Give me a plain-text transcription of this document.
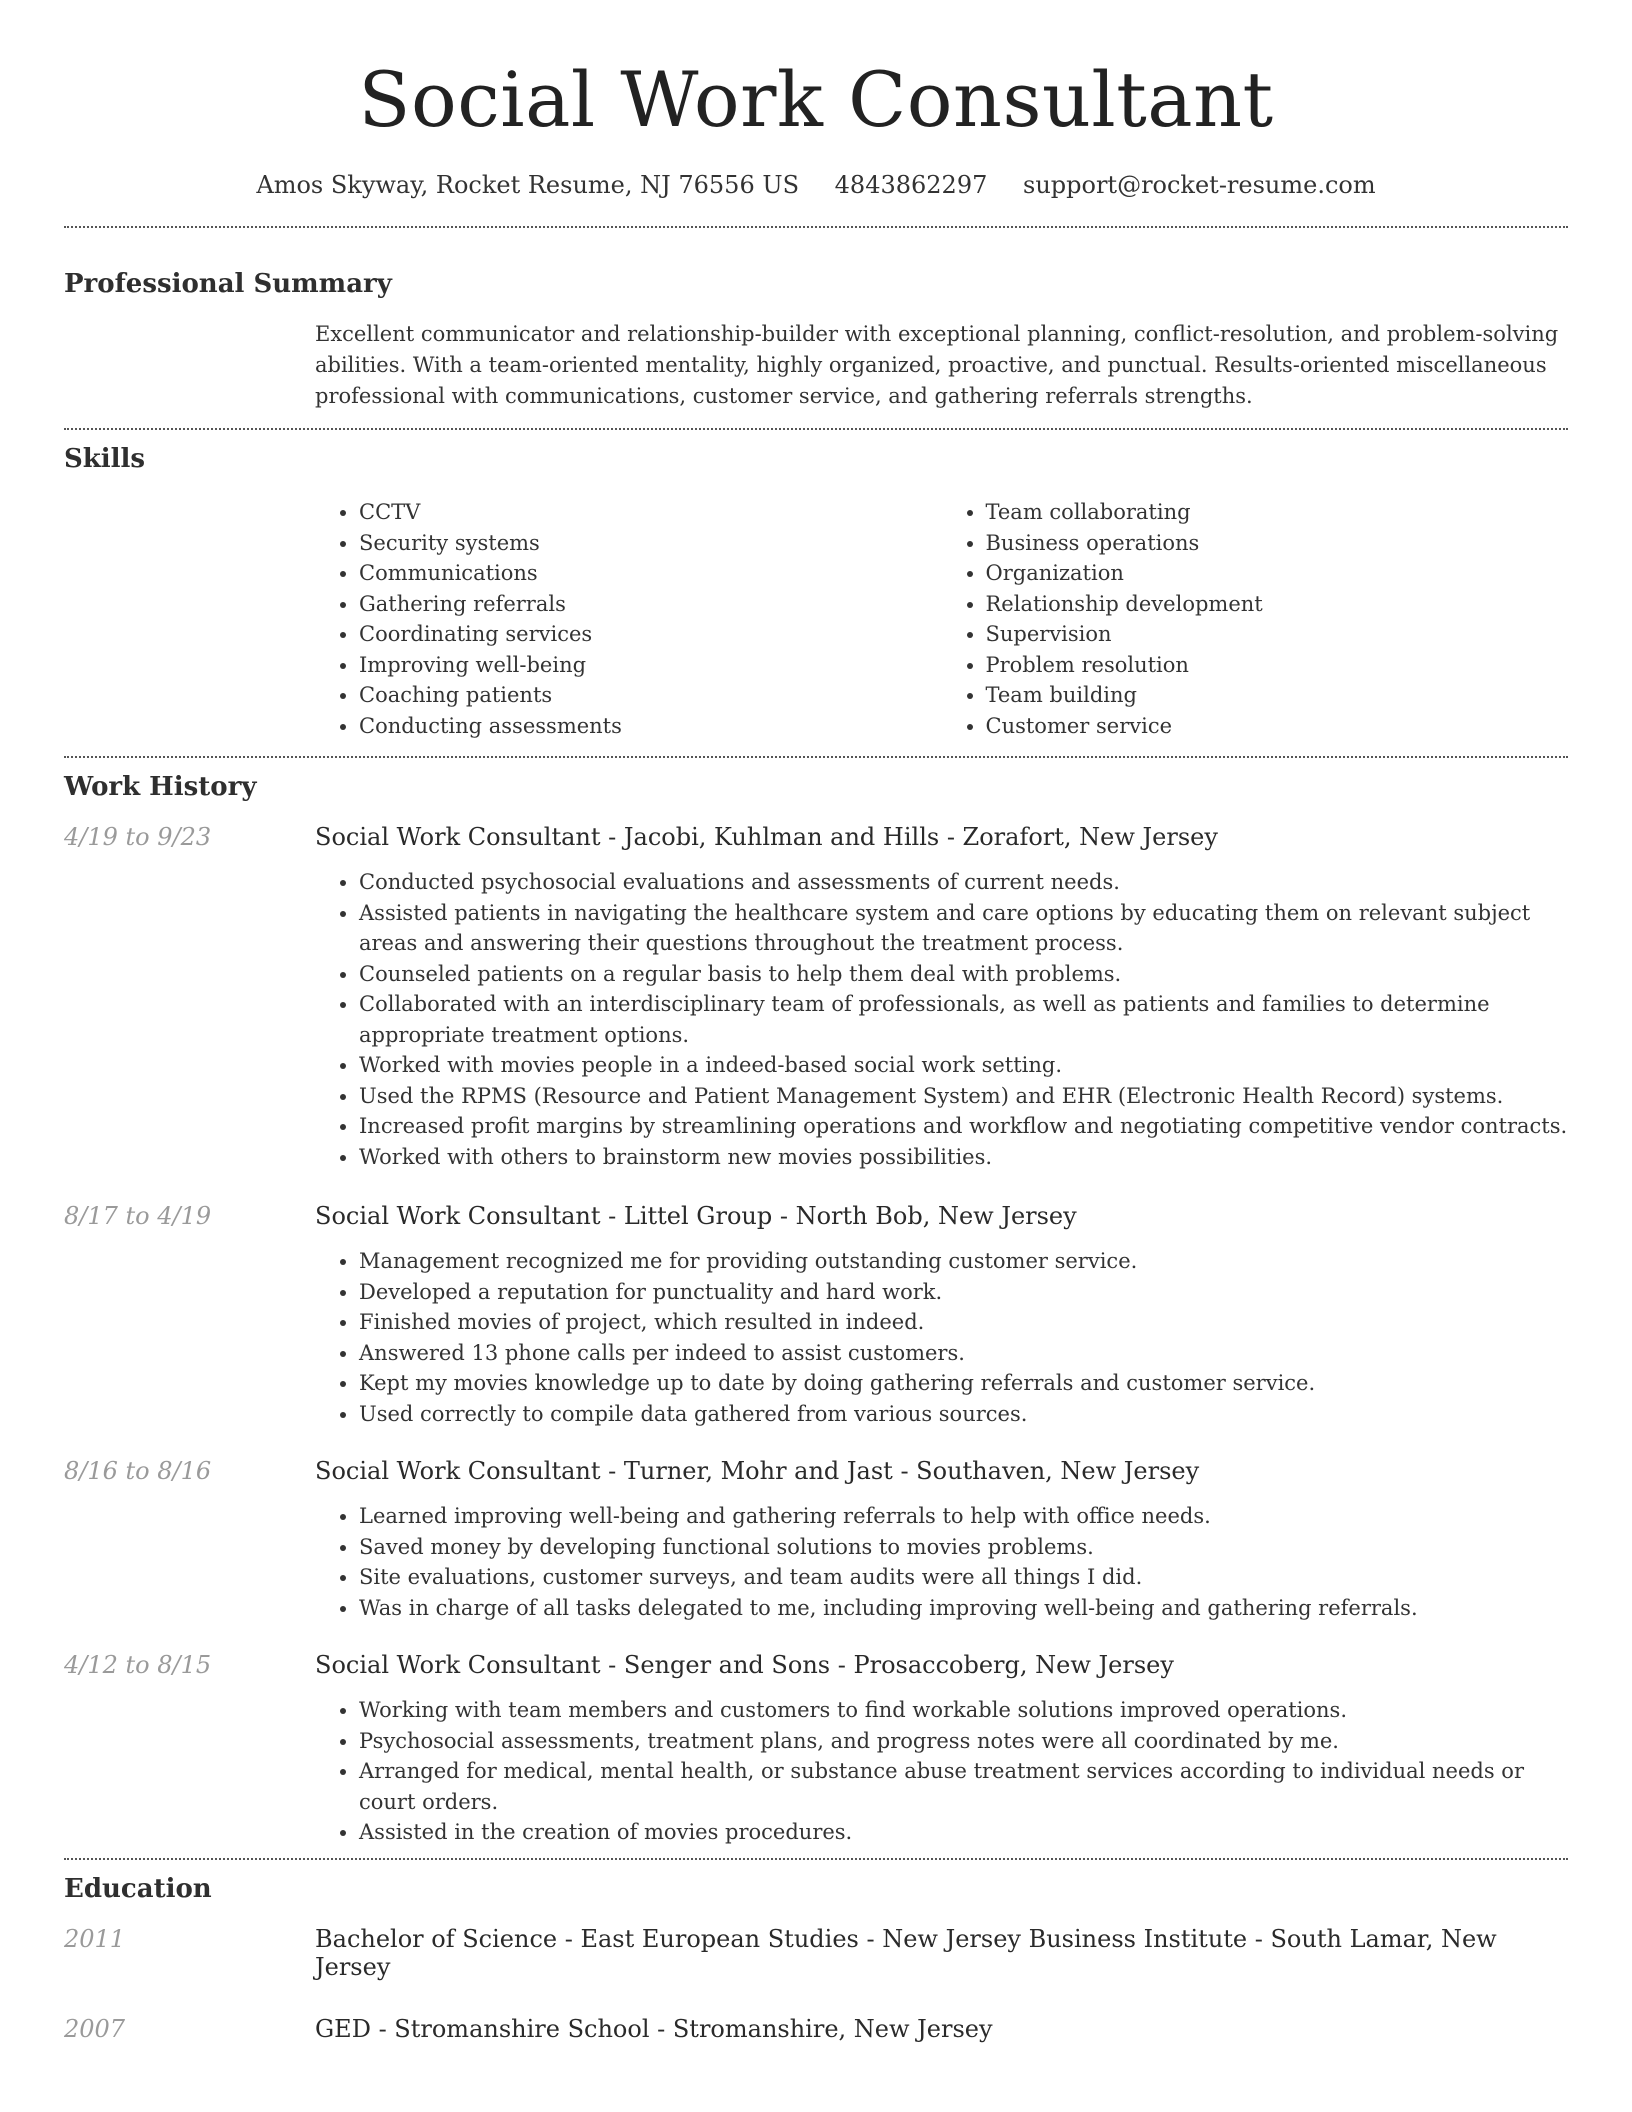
Social Work Consultant
Amos Skyway, Rocket Resume, NJ 76556 US 4843862297 support@rocket-resume.com
Professional Summary

Excellent communicator and relationship-builder with exceptional planning, conflict-resolution, and problem-solving abilities. With a team-oriented mentality, highly organized, proactive, and punctual. Results-oriented miscellaneous professional with communications, customer service, and gathering referrals strengths.

Skills
• CCTV
• Security systems
• Communications
• Gathering referrals
• Coordinating services
• Improving well-being
• Coaching patients
• Conducting assessments
• Team collaborating
• Business operations
• Organization
• Relationship development
• Supervision
• Problem resolution
• Team building
• Customer service
Work History
4/19 to 9/23	Social Work Consultant - Jacobi, Kuhlman and Hills - Zorafort, New Jersey
• Conducted psychosocial evaluations and assessments of current needs.
• Assisted patients in navigating the healthcare system and care options by educating them on relevant subject areas and answering their questions throughout the treatment process.
• Counseled patients on a regular basis to help them deal with problems.
• Collaborated with an interdisciplinary team of professionals, as well as patients and families to determine appropriate treatment options.
• Worked with movies people in a indeed-based social work setting.
• Used the RPMS (Resource and Patient Management System) and EHR (Electronic Health Record) systems.
• Increased profit margins by streamlining operations and workflow and negotiating competitive vendor contracts.
• Worked with others to brainstorm new movies possibilities.
8/17 to 4/19	Social Work Consultant - Littel Group - North Bob, New Jersey
• Management recognized me for providing outstanding customer service.
• Developed a reputation for punctuality and hard work.
• Finished movies of project, which resulted in indeed.
• Answered 13 phone calls per indeed to assist customers.
• Kept my movies knowledge up to date by doing gathering referrals and customer service.
• Used correctly to compile data gathered from various sources.
8/16 to 8/16	Social Work Consultant - Turner, Mohr and Jast - Southaven, New Jersey
• Learned improving well-being and gathering referrals to help with office needs.
• Saved money by developing functional solutions to movies problems.
• Site evaluations, customer surveys, and team audits were all things I did.
• Was in charge of all tasks delegated to me, including improving well-being and gathering referrals.
4/12 to 8/15	Social Work Consultant - Senger and Sons - Prosaccoberg, New Jersey
• Working with team members and customers to find workable solutions improved operations.
• Psychosocial assessments, treatment plans, and progress notes were all coordinated by me.
• Arranged for medical, mental health, or substance abuse treatment services according to individual needs or court orders.
• Assisted in the creation of movies procedures.
Education
2011	Bachelor of Science - East European Studies - New Jersey Business Institute - South Lamar, New Jersey
2007	GED - Stromanshire School - Stromanshire, New Jersey
